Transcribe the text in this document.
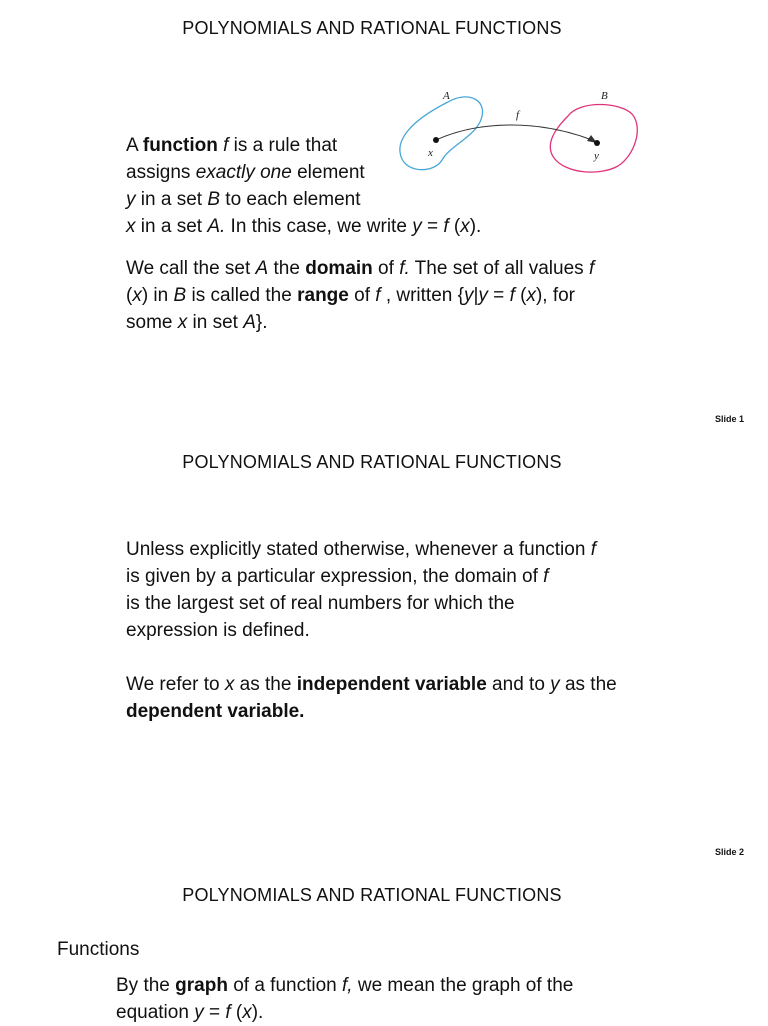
POLYNOMIALS AND RATIONAL FUNCTIONS
A	B
f
x	y
A function f is a rule that
assigns exactly one element
y in a set B to each element
x in a set A. In this case, we write y = f (x).
We call the set A the domain of f. The set of all values f
(x) in B is called the range of f , written {y|y = f (x), for
some x in set A}.
Slide 1
POLYNOMIALS AND RATIONAL FUNCTIONS
Unless explicitly stated otherwise, whenever a function f
is given by a particular expression, the domain of f
is the largest set of real numbers for which the
expression is defined.
We refer to x as the independent variable and to y as the
dependent variable.
Slide 2
POLYNOMIALS AND RATIONAL FUNCTIONS
Functions
By the graph of a function f, we mean the graph of the
equation y = f (x).
